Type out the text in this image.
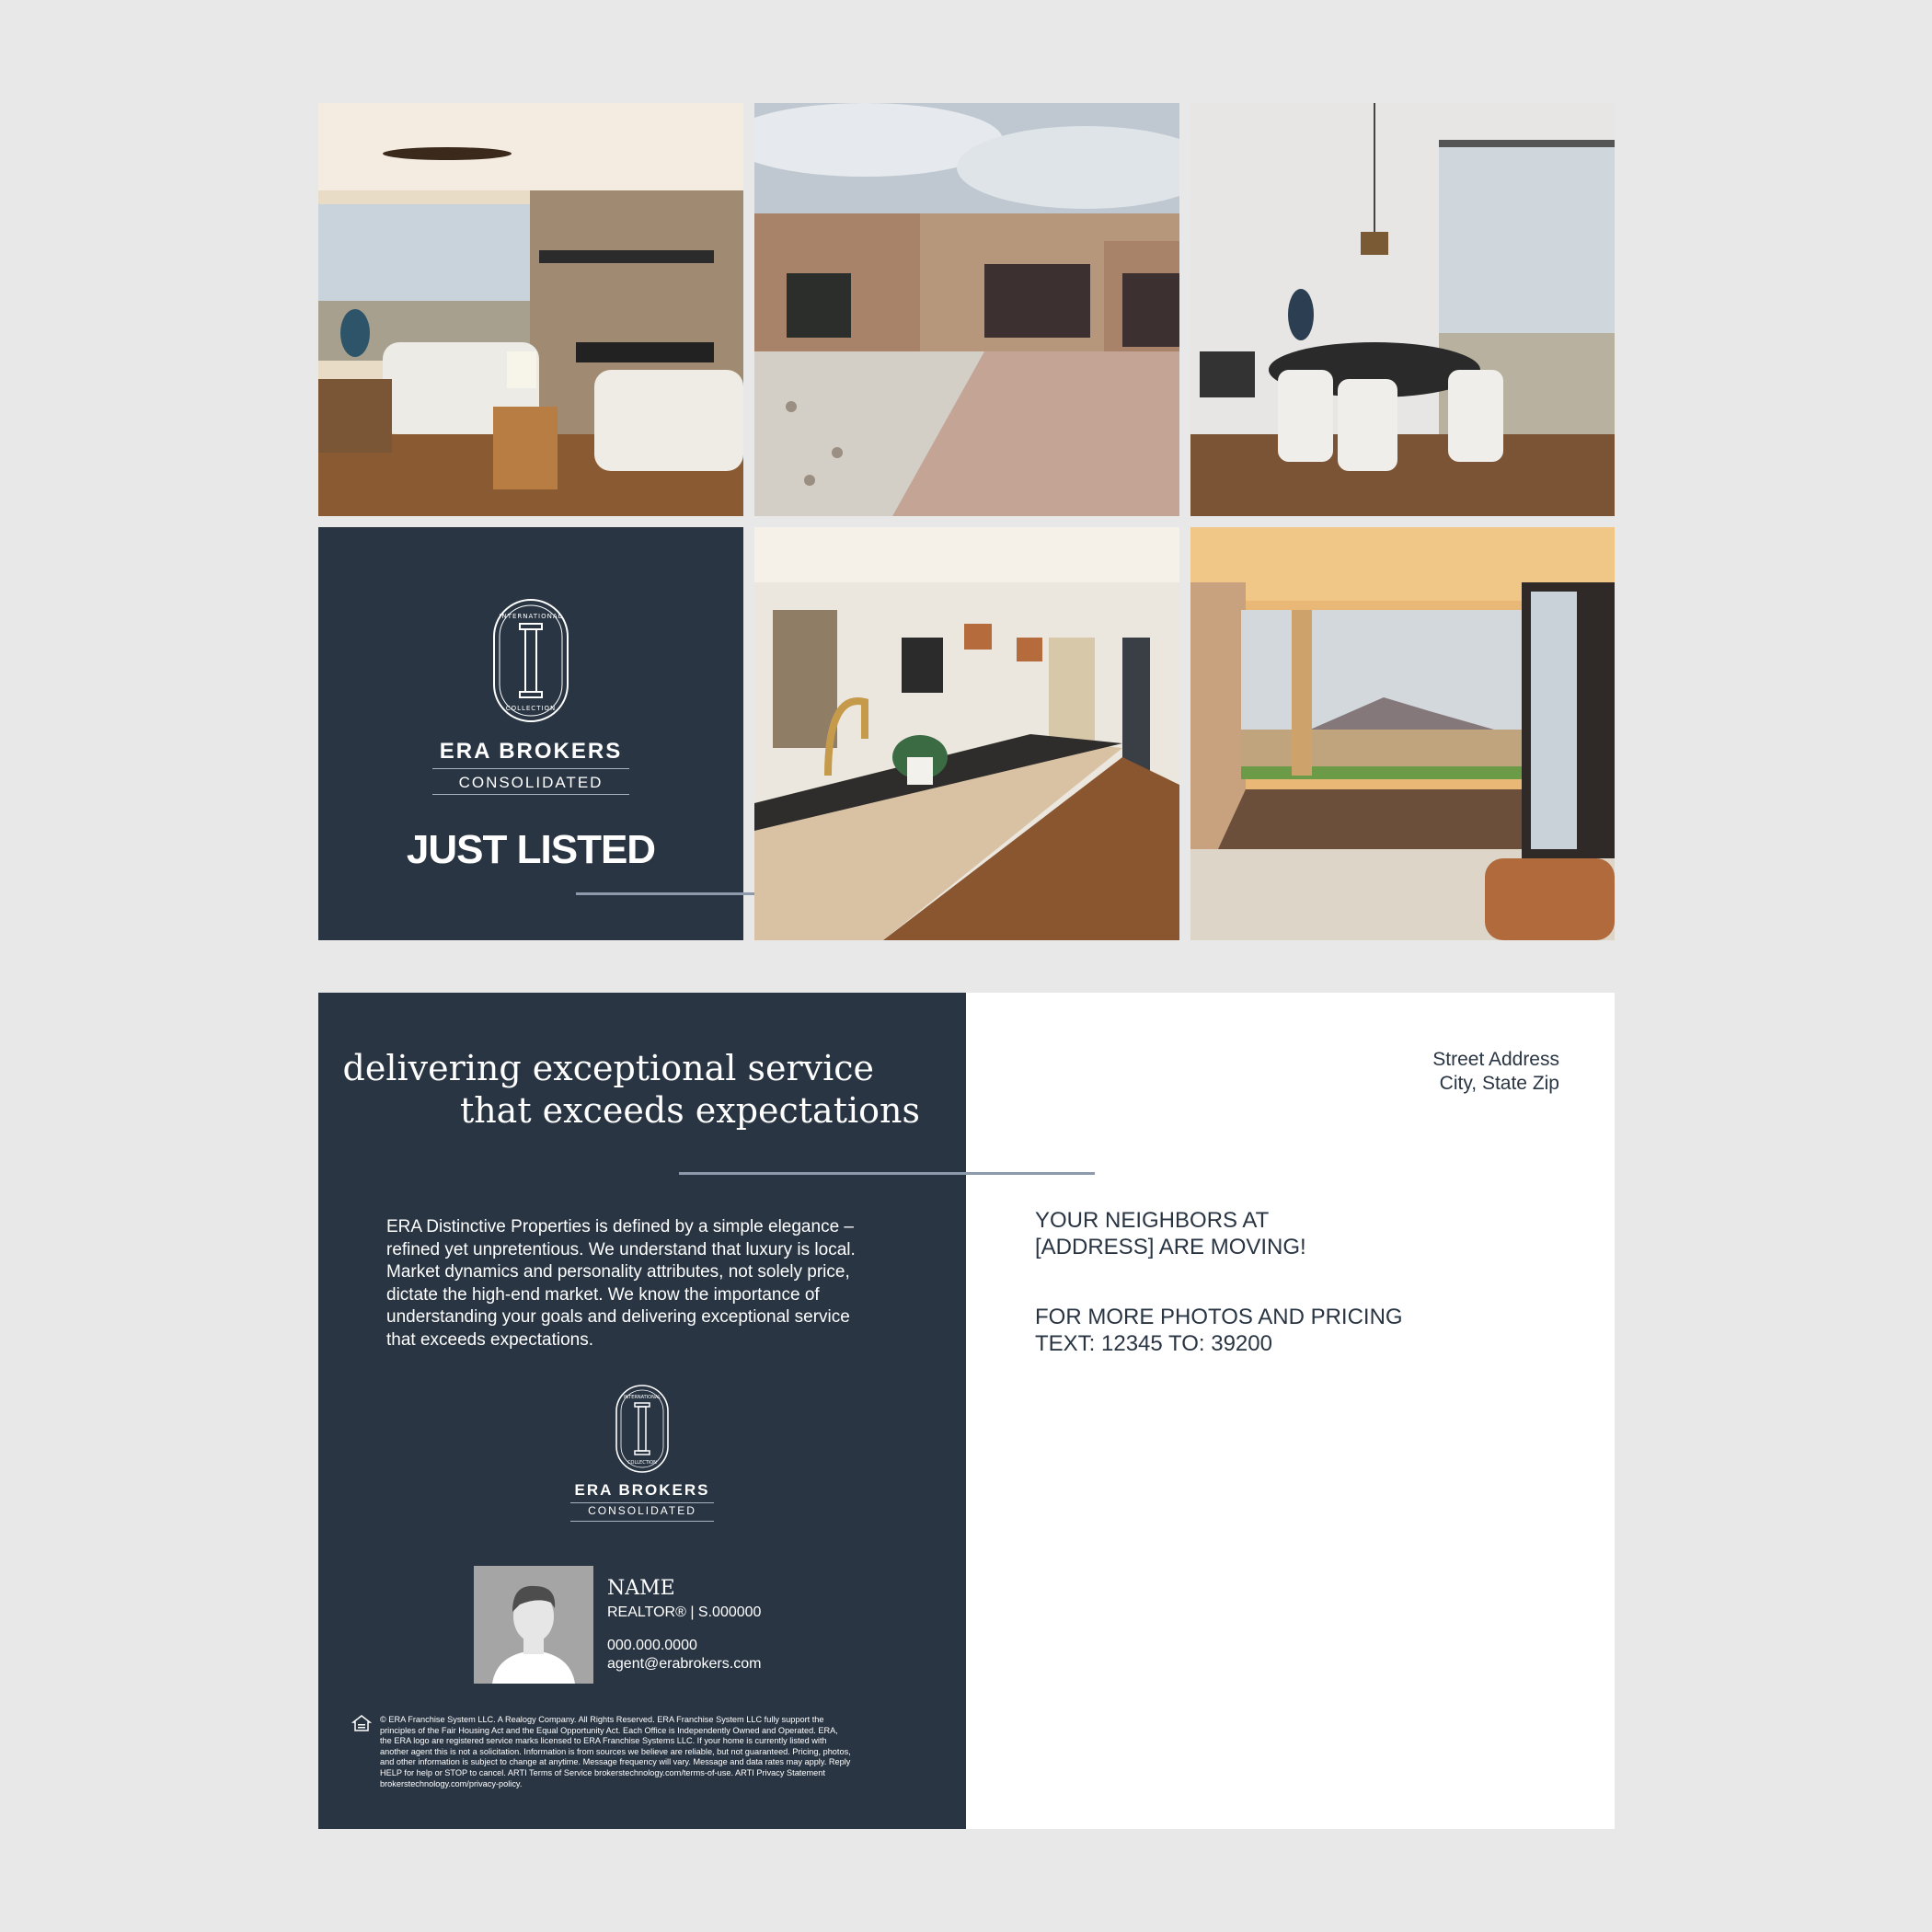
INTERNATIONAL
COLLECTION
ERA BROKERS
CONSOLIDATED
JUST LISTED
delivering exceptional service
that exceeds expectations
ERA Distinctive Properties is defined by a simple elegance –
refined yet unpretentious. We understand that luxury is local.
Market dynamics and personality attributes, not solely price,
dictate the high-end market. We know the importance of
understanding your goals and delivering exceptional service
that exceeds expectations.
INTERNATIONAL
COLLECTION
ERA BROKERS
CONSOLIDATED
NAME
REALTOR® | S.000000
000.000.0000
agent@erabrokers.com
© ERA Franchise System LLC. A Realogy Company. All Rights Reserved. ERA Franchise System LLC fully support the
principles of the Fair Housing Act and the Equal Opportunity Act. Each Office is Independently Owned and Operated. ERA,
the ERA logo are registered service marks licensed to ERA Franchise Systems LLC. If your home is currently listed with
another agent this is not a solicitation. Information is from sources we believe are reliable, but not guaranteed. Pricing, photos,
and other information is subject to change at anytime. Message frequency will vary. Message and data rates may apply. Reply
HELP for help or STOP to cancel. ARTI Terms of Service brokerstechnology.com/terms-of-use. ARTI Privacy Statement
brokerstechnology.com/privacy-policy.
Street Address
City, State Zip
YOUR NEIGHBORS AT
[ADDRESS] ARE MOVING!
FOR MORE PHOTOS AND PRICING
TEXT: 12345 TO: 39200
